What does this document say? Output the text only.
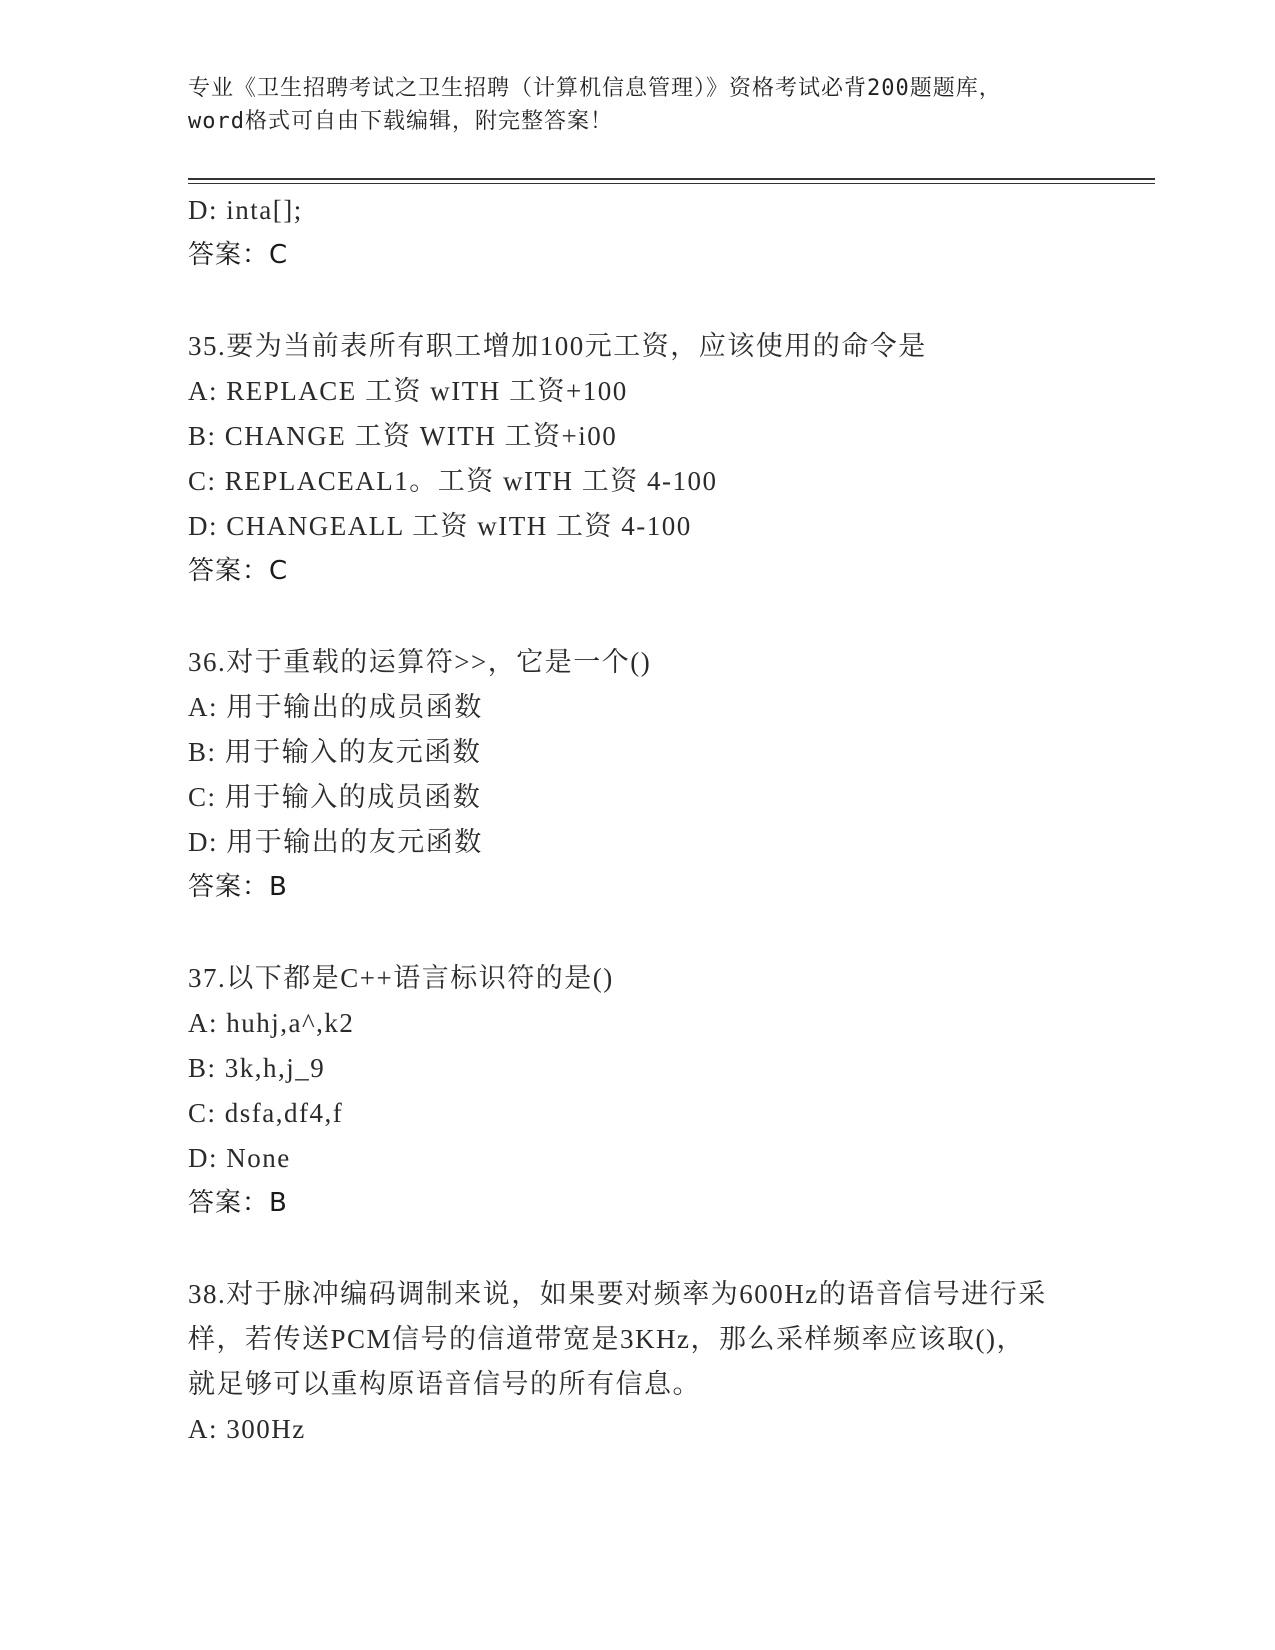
专业《卫生招聘考试之卫生招聘（计算机信息管理）》资格考试必背200题题库，
word格式可自由下载编辑，附完整答案！
D: inta[];
答案：C
35.要为当前表所有职工增加100元工资，应该使用的命令是
A: REPLACE 工资 wITH 工资+100
B: CHANGE 工资 WITH 工资+i00
C: REPLACEAL1。工资 wITH 工资 4-100
D: CHANGEALL 工资 wITH 工资 4-100
答案：C
36.对于重载的运算符>>，它是一个()
A: 用于输出的成员函数
B: 用于输入的友元函数
C: 用于输入的成员函数
D: 用于输出的友元函数
答案：B
37.以下都是C++语言标识符的是()
A: huhj,a^,k2
B: 3k,h,j_9
C: dsfa,df4,f
D: None
答案：B
38.对于脉冲编码调制来说，如果要对频率为600Hz的语音信号进行采样，若传送PCM信号的信道带宽是3KHz，那么采样频率应该取()，就足够可以重构原语音信号的所有信息。
A: 300Hz
